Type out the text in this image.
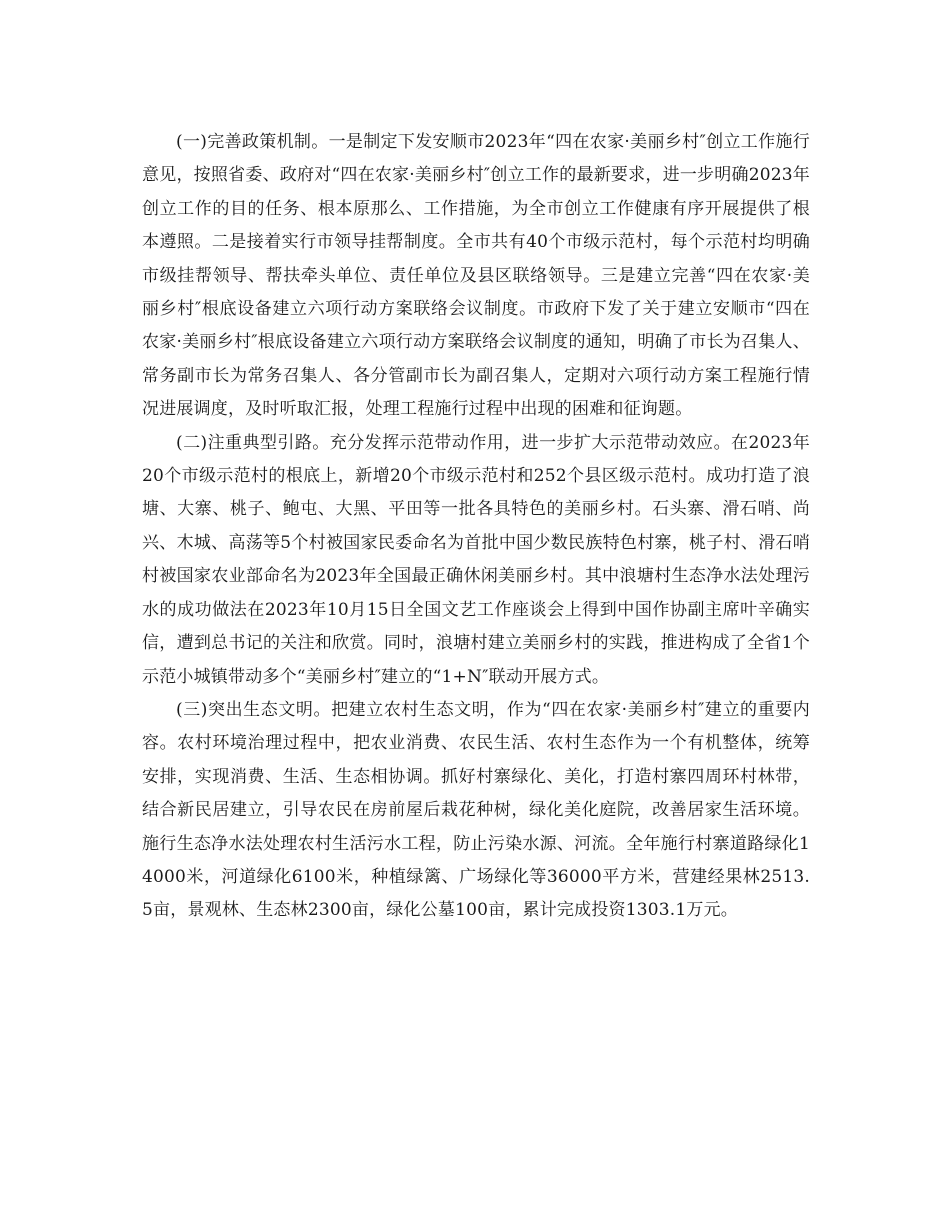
(一)完善政策机制。一是制定下发安顺市2023年“四在农家·美丽乡村″创立工作施行意见，按照省委、政府对“四在农家·美丽乡村″创立工作的最新要求，进一步明确2023年创立工作的目的任务、根本原那么、工作措施，为全市创立工作健康有序开展提供了根本遵照。二是接着实行市领导挂帮制度。全市共有40个市级示范村，每个示范村均明确市级挂帮领导、帮扶牵头单位、责任单位及县区联络领导。三是建立完善“四在农家·美丽乡村″根底设备建立六项行动方案联络会议制度。市政府下发了关于建立安顺市“四在农家·美丽乡村″根底设备建立六项行动方案联络会议制度的通知，明确了市长为召集人、常务副市长为常务召集人、各分管副市长为副召集人，定期对六项行动方案工程施行情况进展调度，及时听取汇报，处理工程施行过程中出现的困难和征询题。

(二)注重典型引路。充分发挥示范带动作用，进一步扩大示范带动效应。在2023年20个市级示范村的根底上，新增20个市级示范村和252个县区级示范村。成功打造了浪塘、大寨、桃子、鲍屯、大黑、平田等一批各具特色的美丽乡村。石头寨、滑石哨、尚兴、木城、高荡等5个村被国家民委命名为首批中国少数民族特色村寨，桃子村、滑石哨村被国家农业部命名为2023年全国最正确休闲美丽乡村。其中浪塘村生态净水法处理污水的成功做法在2023年10月15日全国文艺工作座谈会上得到中国作协副主席叶辛确实信，遭到总书记的关注和欣赏。同时，浪塘村建立美丽乡村的实践，推进构成了全省1个示范小城镇带动多个“美丽乡村″建立的“1+N″联动开展方式。

(三)突出生态文明。把建立农村生态文明，作为“四在农家·美丽乡村″建立的重要内容。农村环境治理过程中，把农业消费、农民生活、农村生态作为一个有机整体，统筹安排，实现消费、生活、生态相协调。抓好村寨绿化、美化，打造村寨四周环村林带，结合新民居建立，引导农民在房前屋后栽花种树，绿化美化庭院，改善居家生活环境。施行生态净水法处理农村生活污水工程，防止污染水源、河流。全年施行村寨道路绿化14000米，河道绿化6100米，种植绿篱、广场绿化等36000平方米，营建经果林2513.5亩，景观林、生态林2300亩，绿化公墓100亩，累计完成投资1303.1万元。
